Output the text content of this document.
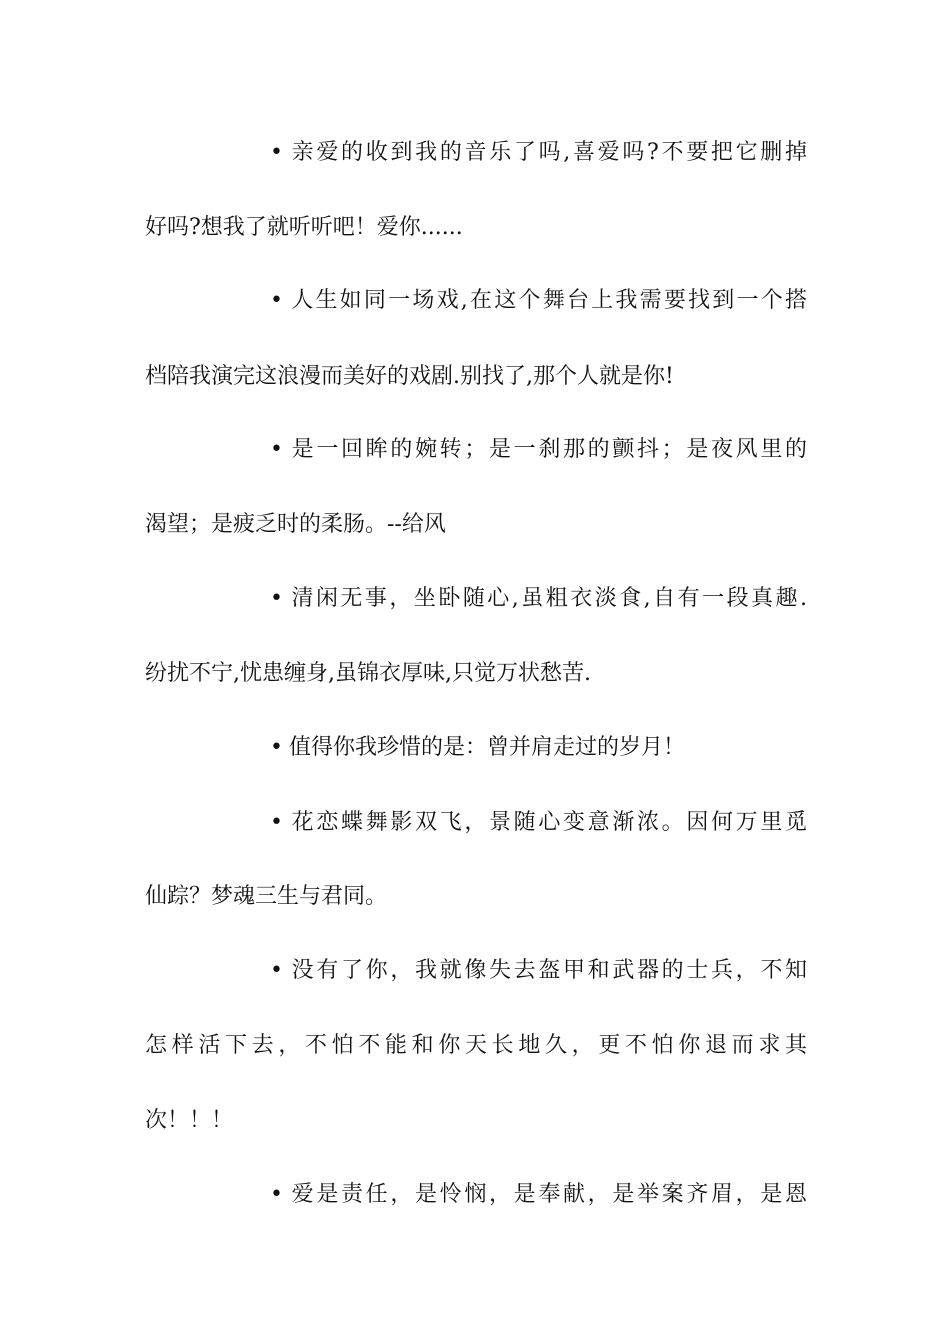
• 亲爱的收到我的音乐了吗,喜爱吗?不要把它删掉
好吗?想我了就听听吧！爱你......
• 人生如同一场戏,在这个舞台上我需要找到一个搭
档陪我演完这浪漫而美好的戏剧.别找了,那个人就是你!
• 是一回眸的婉转；是一刹那的颤抖；是夜风里的
渴望；是疲乏时的柔肠。--给风
• 清闲无事，坐卧随心,虽粗衣淡食,自有一段真趣.
纷扰不宁,忧患缠身,虽锦衣厚味,只觉万状愁苦.
• 值得你我珍惜的是：曾并肩走过的岁月！
• 花恋蝶舞影双飞，景随心变意渐浓。因何万里觅
仙踪？梦魂三生与君同。
• 没有了你，我就像失去盔甲和武器的士兵，不知
怎样活下去，不怕不能和你天长地久，更不怕你退而求其
次！！！
• 爱是责任，是怜悯，是奉献，是举案齐眉，是恩
